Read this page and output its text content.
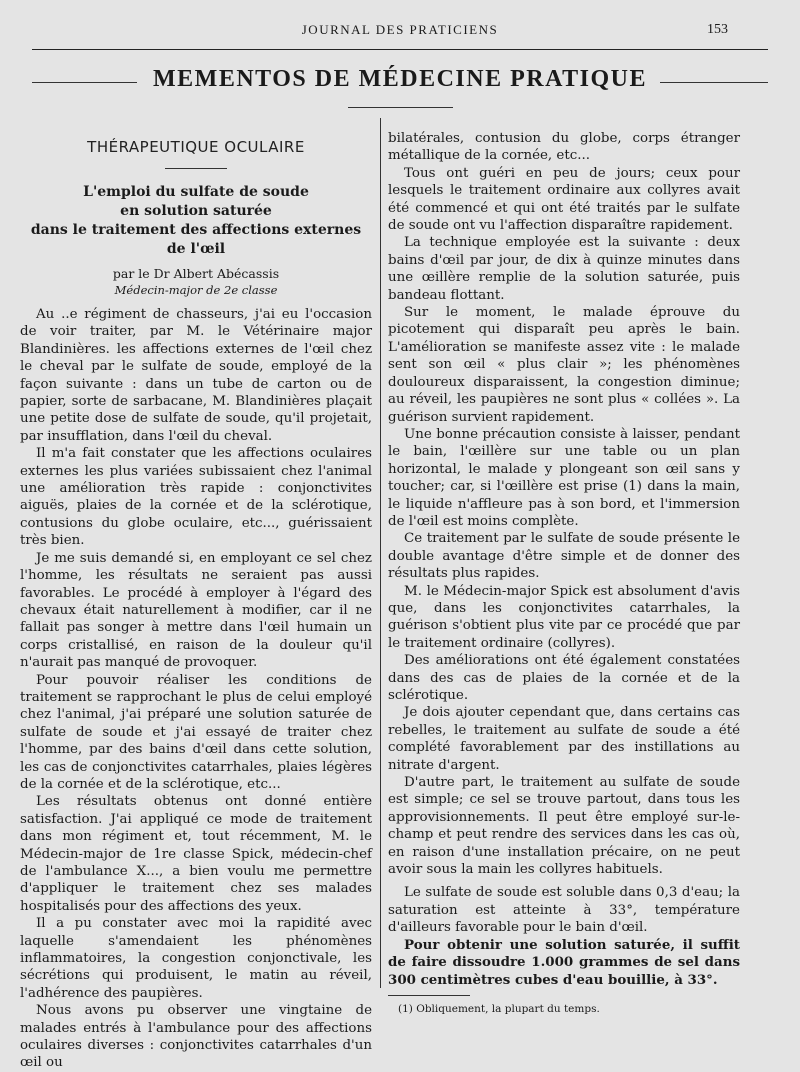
JOURNAL DES PRATICIENS	153
MEMENTOS DE MÉDECINE PRATIQUE
THÉRAPEUTIQUE OCULAIRE
L'emploi du sulfate de soude
en solution saturée
dans le traitement des affections externes de l'œil
par le Dr Albert Abécassis
Médecin-major de 2e classe

Au ..e régiment de chasseurs, j'ai eu l'occasion de voir traiter, par M. le Vétérinaire major Blandinières. les affections externes de l'œil chez le cheval par le sulfate de soude, employé de la façon suivante : dans un tube de carton ou de papier, sorte de sarbacane, M. Blandinières plaçait une petite dose de sulfate de soude, qu'il projetait, par insufflation, dans l'œil du cheval.

Il m'a fait constater que les affections oculaires externes les plus variées subissaient chez l'animal une amélioration très rapide : conjonctivites aiguës, plaies de la cornée et de la sclérotique, contusions du globe oculaire, etc..., guérissaient très bien.

Je me suis demandé si, en employant ce sel chez l'homme, les résultats ne seraient pas aussi favorables. Le procédé à employer à l'égard des chevaux était naturellement à modifier, car il ne fallait pas songer à mettre dans l'œil humain un corps cristallisé, en raison de la douleur qu'il n'aurait pas manqué de provoquer.

Pour pouvoir réaliser les conditions de traitement se rapprochant le plus de celui employé chez l'animal, j'ai préparé une solution saturée de sulfate de soude et j'ai essayé de traiter chez l'homme, par des bains d'œil dans cette solution, les cas de conjonctivites catarrhales, plaies légères de la cornée et de la sclérotique, etc...

Les résultats obtenus ont donné entière satisfaction. J'ai appliqué ce mode de traitement dans mon régiment et, tout récemment, M. le Médecin-major de 1re classe Spick, médecin-chef de l'ambulance X..., a bien voulu me permettre d'appliquer le traitement chez ses malades hospitalisés pour des affections des yeux.

Il a pu constater avec moi la rapidité avec laquelle s'amendaient les phénomènes inflammatoires, la congestion conjonctivale, les sécrétions qui produisent, le matin au réveil, l'adhérence des paupières.

Nous avons pu observer une vingtaine de malades entrés à l'ambulance pour des affections oculaires diverses : conjonctivites catarrhales d'un œil ou

bilatérales, contusion du globe, corps étranger métallique de la cornée, etc...

Tous ont guéri en peu de jours; ceux pour lesquels le traitement ordinaire aux collyres avait été commencé et qui ont été traités par le sulfate de soude ont vu l'affection disparaître rapidement.

La technique employée est la suivante : deux bains d'œil par jour, de dix à quinze minutes dans une œillère remplie de la solution saturée, puis bandeau flottant.

Sur le moment, le malade éprouve du picotement qui disparaît peu après le bain. L'amélioration se manifeste assez vite : le malade sent son œil « plus clair »; les phénomènes douloureux disparaissent, la congestion diminue; au réveil, les paupières ne sont plus « collées ». La guérison survient rapidement.

Une bonne précaution consiste à laisser, pendant le bain, l'œillère sur une table ou un plan horizontal, le malade y plongeant son œil sans y toucher; car, si l'œillère est prise (1) dans la main, le liquide n'affleure pas à son bord, et l'immersion de l'œil est moins complète.

Ce traitement par le sulfate de soude présente le double avantage d'être simple et de donner des résultats plus rapides.

M. le Médecin-major Spick est absolument d'avis que, dans les conjonctivites catarrhales, la guérison s'obtient plus vite par ce procédé que par le traitement ordinaire (collyres).

Des améliorations ont été également constatées dans des cas de plaies de la cornée et de la sclérotique.

Je dois ajouter cependant que, dans certains cas rebelles, le traitement au sulfate de soude a été complété favorablement par des instillations au nitrate d'argent.

D'autre part, le traitement au sulfate de soude est simple; ce sel se trouve partout, dans tous les approvisionnements. Il peut être employé sur-le-champ et peut rendre des services dans les cas où, en raison d'une installation précaire, on ne peut avoir sous la main les collyres habituels.

Le sulfate de soude est soluble dans 0,3 d'eau; la saturation est atteinte à 33°, température d'ailleurs favorable pour le bain d'œil.

Pour obtenir une solution saturée, il suffit de faire dissoudre 1.000 grammes de sel dans 300 centimètres cubes d'eau bouillie, à 33°.

(1) Obliquement, la plupart du temps.
